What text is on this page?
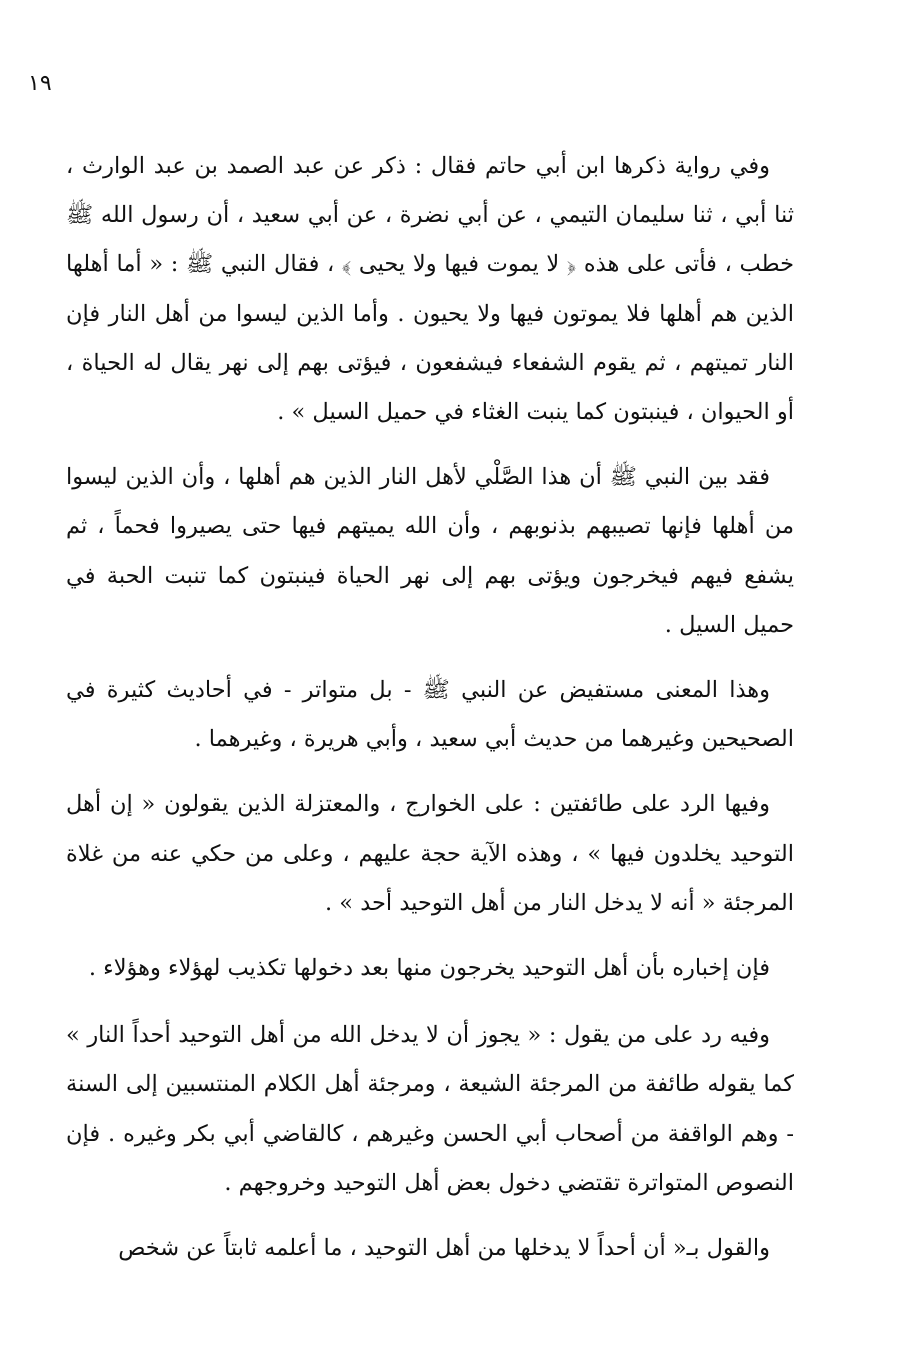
١٩

وفي رواية ذكرها ابن أبي حاتم فقال : ذكر عن عبد الصمد بن عبد الوارث ، ثنا أبي ، ثنا سليمان التيمي ، عن أبي نضرة ، عن أبي سعيد ، أن رسول الله ﷺ خطب ، فأتى على هذه ﴿ لا يموت فيها ولا يحيى ﴾ ، فقال النبي ﷺ : « أما أهلها الذين هم أهلها فلا يموتون فيها ولا يحيون . وأما الذين ليسوا من أهل النار فإن النار تميتهم ، ثم يقوم الشفعاء فيشفعون ، فيؤتى بهم إلى نهر يقال له الحياة ، أو الحيوان ، فينبتون كما ينبت الغثاء في حميل السيل » .

فقد بين النبي ﷺ أن هذا الصَّلْي لأهل النار الذين هم أهلها ، وأن الذين ليسوا من أهلها فإنها تصيبهم بذنوبهم ، وأن الله يميتهم فيها حتى يصيروا فحماً ، ثم يشفع فيهم فيخرجون ويؤتى بهم إلى نهر الحياة فينبتون كما تنبت الحبة في حميل السيل .

وهذا المعنى مستفيض عن النبي ﷺ - بل متواتر - في أحاديث كثيرة في الصحيحين وغيرهما من حديث أبي سعيد ، وأبي هريرة ، وغيرهما .

وفيها الرد على طائفتين : على الخوارج ، والمعتزلة الذين يقولون « إن أهل التوحيد يخلدون فيها » ، وهذه الآية حجة عليهم ، وعلى من حكي عنه من غلاة المرجئة « أنه لا يدخل النار من أهل التوحيد أحد » .

فإن إخباره بأن أهل التوحيد يخرجون منها بعد دخولها تكذيب لهؤلاء وهؤلاء .

وفيه رد على من يقول : « يجوز أن لا يدخل الله من أهل التوحيد أحداً النار » كما يقوله طائفة من المرجئة الشيعة ، ومرجئة أهل الكلام المنتسبين إلى السنة - وهم الواقفة من أصحاب أبي الحسن وغيرهم ، كالقاضي أبي بكر وغيره . فإن النصوص المتواترة تقتضي دخول بعض أهل التوحيد وخروجهم .

والقول بـ« أن أحداً لا يدخلها من أهل التوحيد ، ما أعلمه ثابتاً عن شخص
